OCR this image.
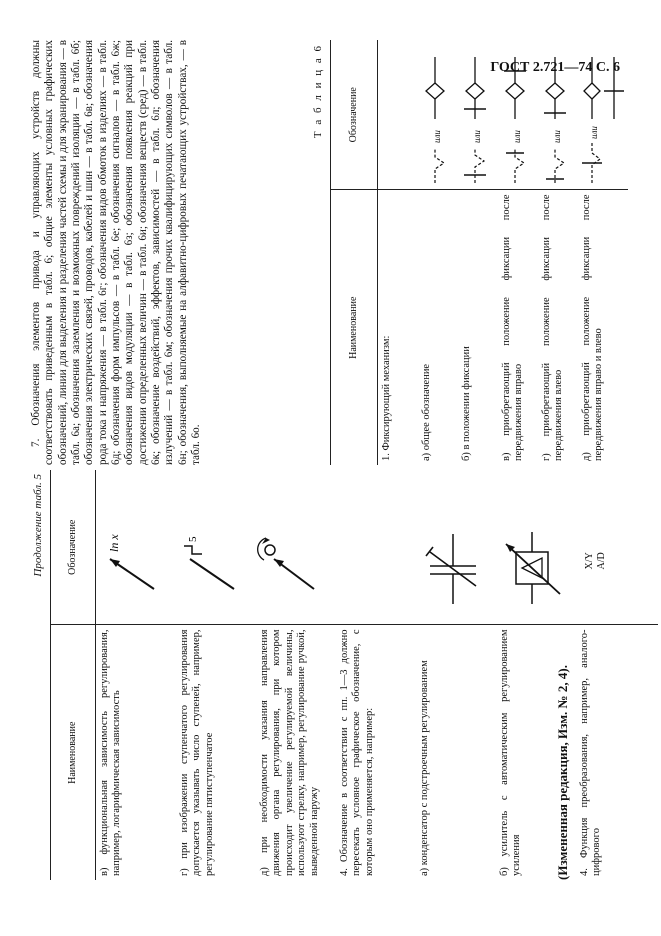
ГОСТ 2.721—74 С. 6
Продолжение табл. 5
Наименование	Обозначение
в) функциональная зависимость регулирования, например, логарифмическая зависимость	ln x

г) при изображении ступенчатого регулирования допускается указывать число ступеней, например, регулирование пятиступенчатое	5

д) при необходимости указания направления движения органа регулирования, при котором происходит увеличение регулируемой величины, используют стрелку, например, регулирование ручкой, выведенной наружу	

4. Обозначение в соответствии с пп. 1—3 должно пересекать условное графическое обозначение, с которым оно применяется, например:	
а) конденсатор с подстроечным регулированием	

б) усилитель с автоматическим регулированием усиления	

4. Функция преобразования, например, аналого-цифрового	X/Y
A/D
(Измененная редакция, Изм. № 2, 4).

7. Обозначения элементов привода и управляющих устройств должны соответствовать приведенным в табл. 6; общие элементы условных графических обозначений, линии для выделения и разделения частей схемы и для экранирования — в табл. 6а; обозначения заземления и возможных повреждений изоляции — в табл. 6б; обозначения электрических связей, проводов, кабелей и шин — в табл. 6в; обозначения рода тока и напряжения — в табл. 6г; обозначения видов обмоток в изделиях — в табл. 6д; обозначения форм импульсов — в табл. 6е; обозначения сигналов — в табл. 6ж; обозначения видов модуляции — в табл. 6з; обозначения появления реакций при достижении определенных величин — в табл. 6и; обозначения веществ (сред) — в табл. 6к; обозначение воздействий, эффектов, зависимостей — в табл. 6л; обозначения излучений — в табл. 6м; обозначения прочих квалифицирующих символов — в табл. 6н; обозначения, выполняемые на алфавитно-цифровых печатающих устройствах, — в табл. 6о.

Т а б л и ц а 6
Наименование	Обозначение
1. Фиксирующий механизм:	
а) общее обозначение	или

б) в положении фиксации	или

в) приобретающий положение фиксации после передвижения вправо	или

г) приобретающий положение фиксации после передвижения влево	или

д) приобретающий положение фиксации после передвижения вправо и влево	или
